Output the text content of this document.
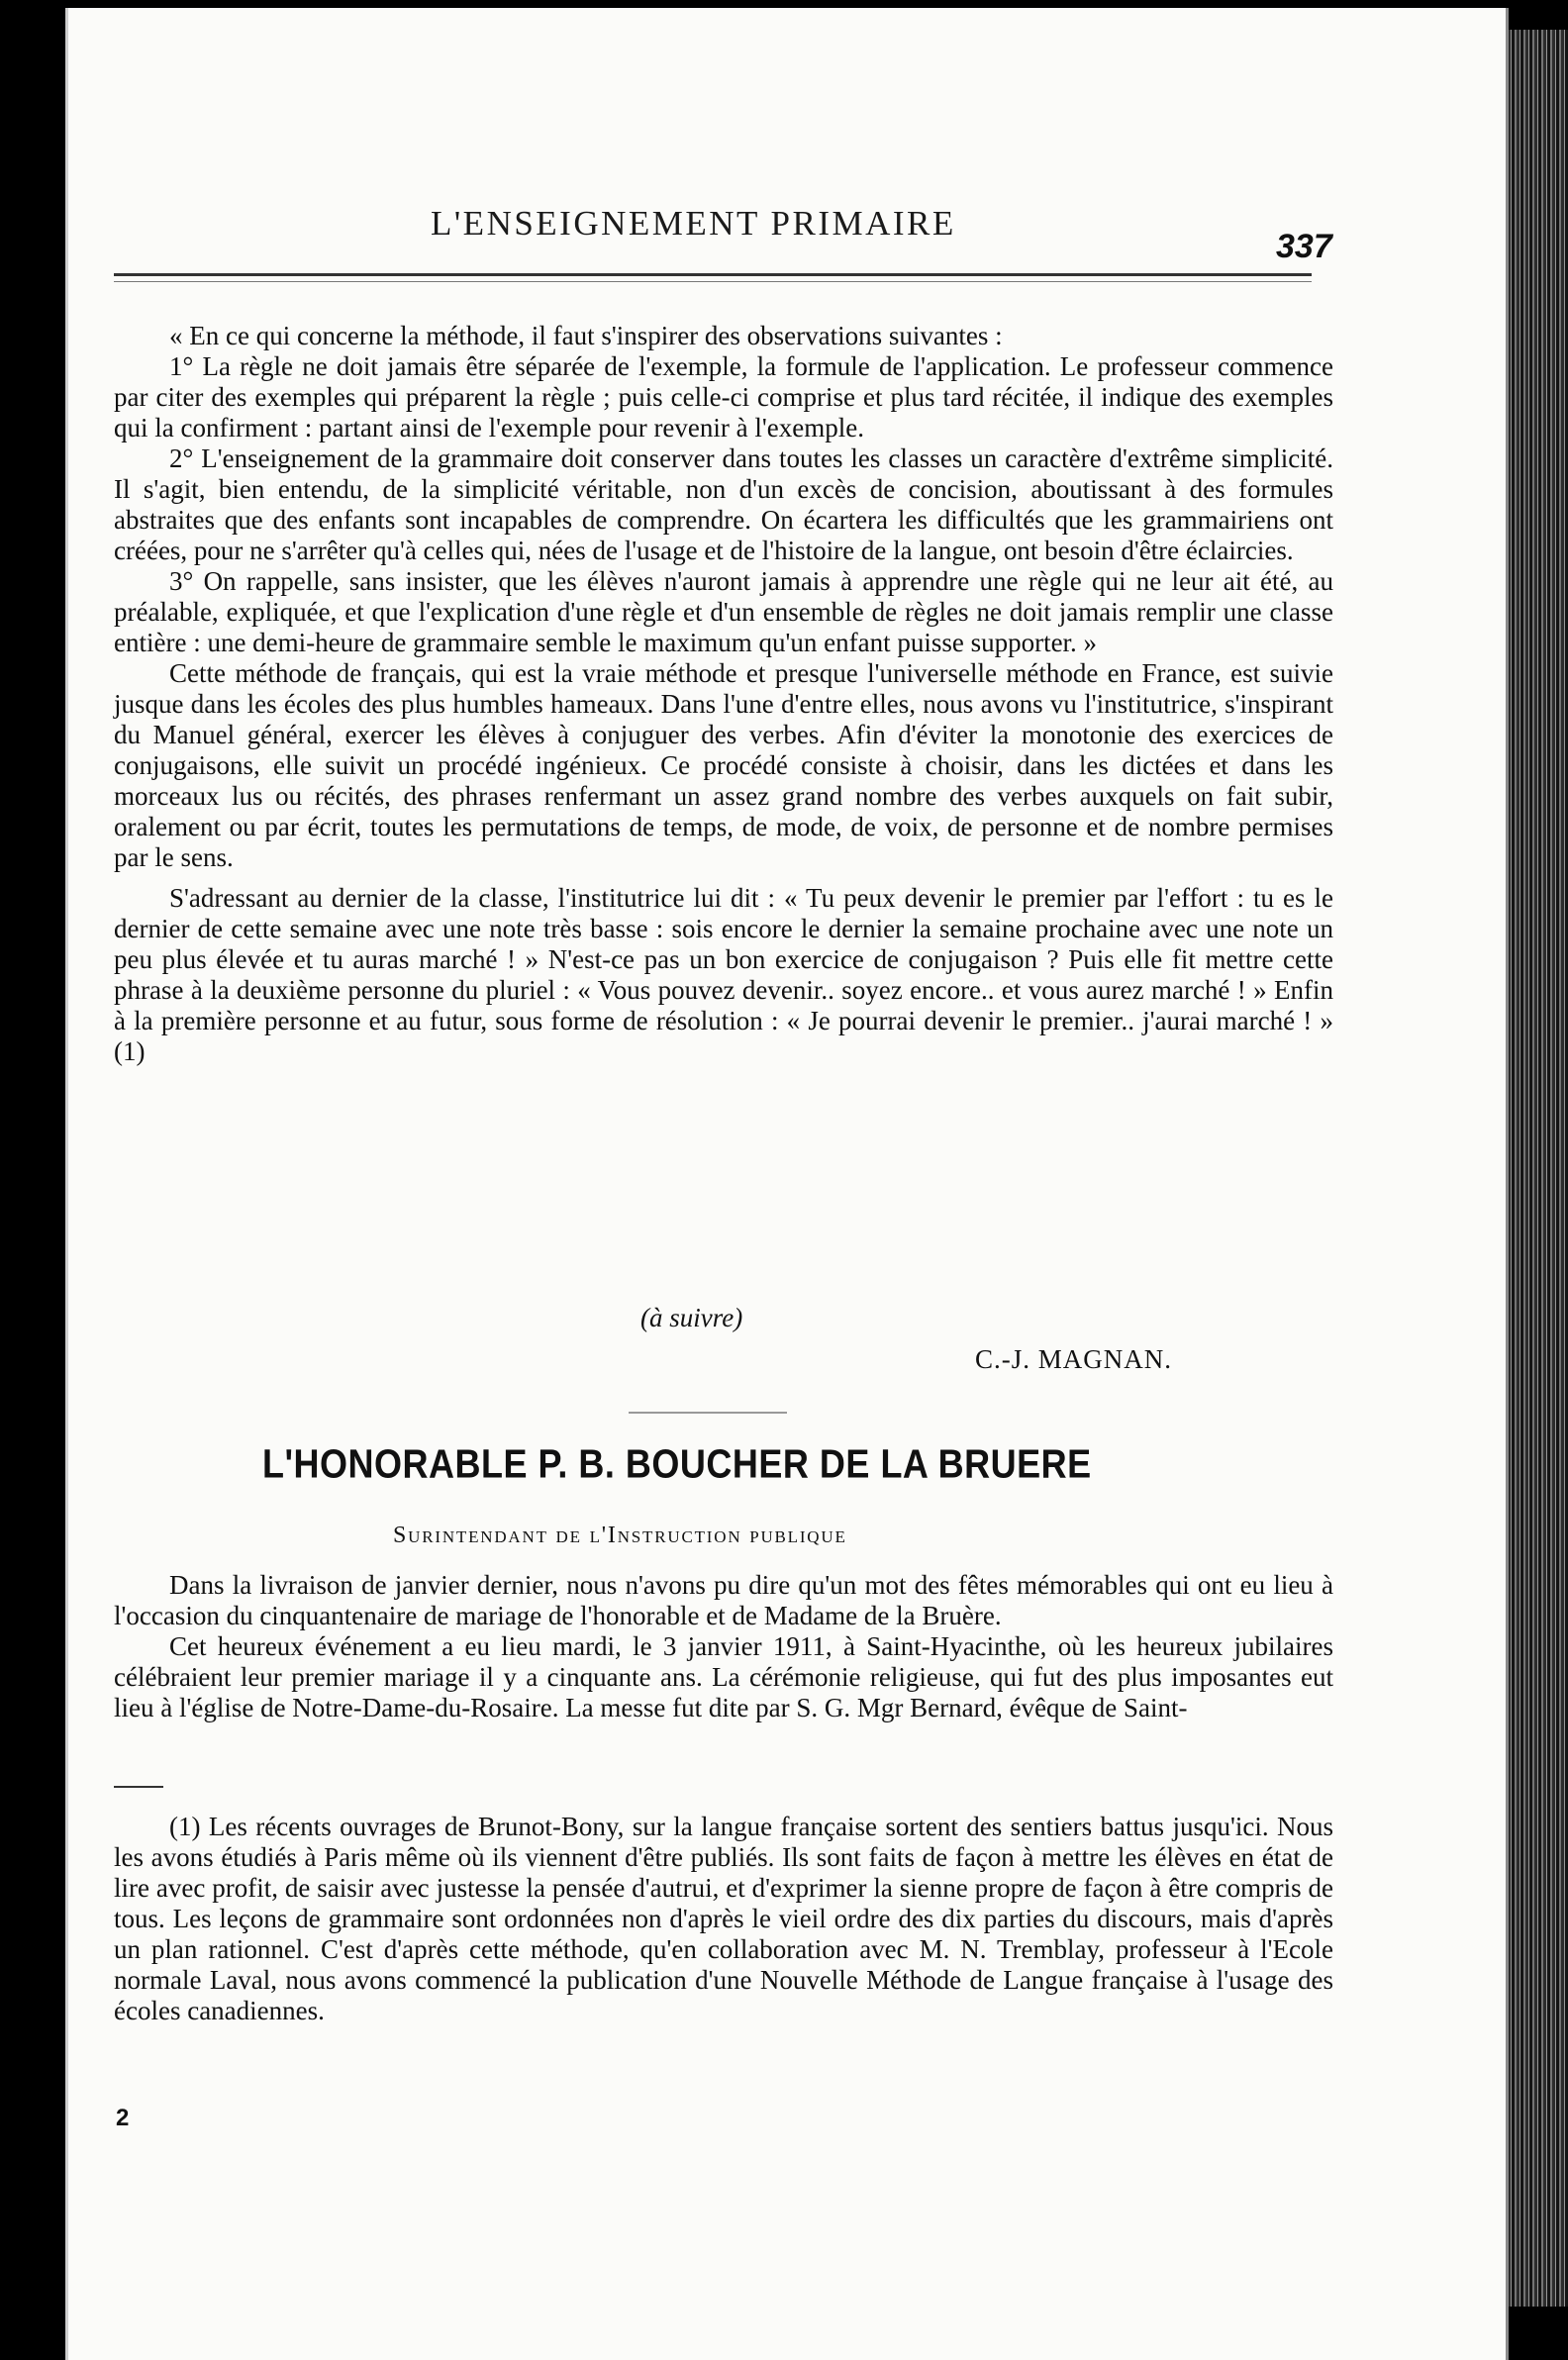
L'ENSEIGNEMENT PRIMAIRE
337

« En ce qui concerne la méthode, il faut s'inspirer des observations suivantes :

1° La règle ne doit jamais être séparée de l'exemple, la formule de l'application. Le professeur commence par citer des exemples qui préparent la règle ; puis celle-ci comprise et plus tard récitée, il indique des exemples qui la confirment : partant ainsi de l'exemple pour revenir à l'exemple.

2° L'enseignement de la grammaire doit conserver dans toutes les classes un caractère d'extrême simplicité. Il s'agit, bien entendu, de la simplicité véritable, non d'un excès de concision, aboutissant à des formules abstraites que des enfants sont incapables de comprendre. On écartera les difficultés que les grammairiens ont créées, pour ne s'arrêter qu'à celles qui, nées de l'usage et de l'histoire de la langue, ont besoin d'être éclaircies.

3° On rappelle, sans insister, que les élèves n'auront jamais à apprendre une règle qui ne leur ait été, au préalable, expliquée, et que l'explication d'une règle et d'un ensemble de règles ne doit jamais remplir une classe entière : une demi-heure de grammaire semble le maximum qu'un enfant puisse supporter. »

Cette méthode de français, qui est la vraie méthode et presque l'universelle méthode en France, est suivie jusque dans les écoles des plus humbles hameaux. Dans l'une d'entre elles, nous avons vu l'institutrice, s'inspirant du Manuel général, exercer les élèves à conjuguer des verbes. Afin d'éviter la monotonie des exercices de conjugaisons, elle suivit un procédé ingénieux. Ce procédé consiste à choisir, dans les dictées et dans les morceaux lus ou récités, des phrases renfermant un assez grand nombre des verbes auxquels on fait subir, oralement ou par écrit, toutes les permutations de temps, de mode, de voix, de personne et de nombre permises par le sens.

S'adressant au dernier de la classe, l'institutrice lui dit : « Tu peux devenir le premier par l'effort : tu es le dernier de cette semaine avec une note très basse : sois encore le dernier la semaine prochaine avec une note un peu plus élevée et tu auras marché ! » N'est-ce pas un bon exercice de conjugaison ? Puis elle fit mettre cette phrase à la deuxième personne du pluriel : « Vous pouvez devenir.. soyez encore.. et vous aurez marché ! » Enfin à la première personne et au futur, sous forme de résolution : « Je pourrai devenir le premier.. j'aurai marché ! » (1)

(à suivre)
C.-J. MAGNAN.
L'HONORABLE P. B. BOUCHER DE LA BRUERE
Surintendant de l'Instruction publique

Dans la livraison de janvier dernier, nous n'avons pu dire qu'un mot des fêtes mémorables qui ont eu lieu à l'occasion du cinquantenaire de mariage de l'honorable et de Madame de la Bruère.

Cet heureux événement a eu lieu mardi, le 3 janvier 1911, à Saint-Hyacinthe, où les heureux jubilaires célébraient leur premier mariage il y a cinquante ans. La cérémonie religieuse, qui fut des plus imposantes eut lieu à l'église de Notre-Dame-du-Rosaire. La messe fut dite par S. G. Mgr Bernard, évêque de Saint-

(1) Les récents ouvrages de Brunot-Bony, sur la langue française sortent des sentiers battus jusqu'ici. Nous les avons étudiés à Paris même où ils viennent d'être publiés. Ils sont faits de façon à mettre les élèves en état de lire avec profit, de saisir avec justesse la pensée d'autrui, et d'exprimer la sienne propre de façon à être compris de tous. Les leçons de grammaire sont ordonnées non d'après le vieil ordre des dix parties du discours, mais d'après un plan rationnel. C'est d'après cette méthode, qu'en collaboration avec M. N. Tremblay, professeur à l'Ecole normale Laval, nous avons commencé la publication d'une Nouvelle Méthode de Langue française à l'usage des écoles canadiennes.

2
